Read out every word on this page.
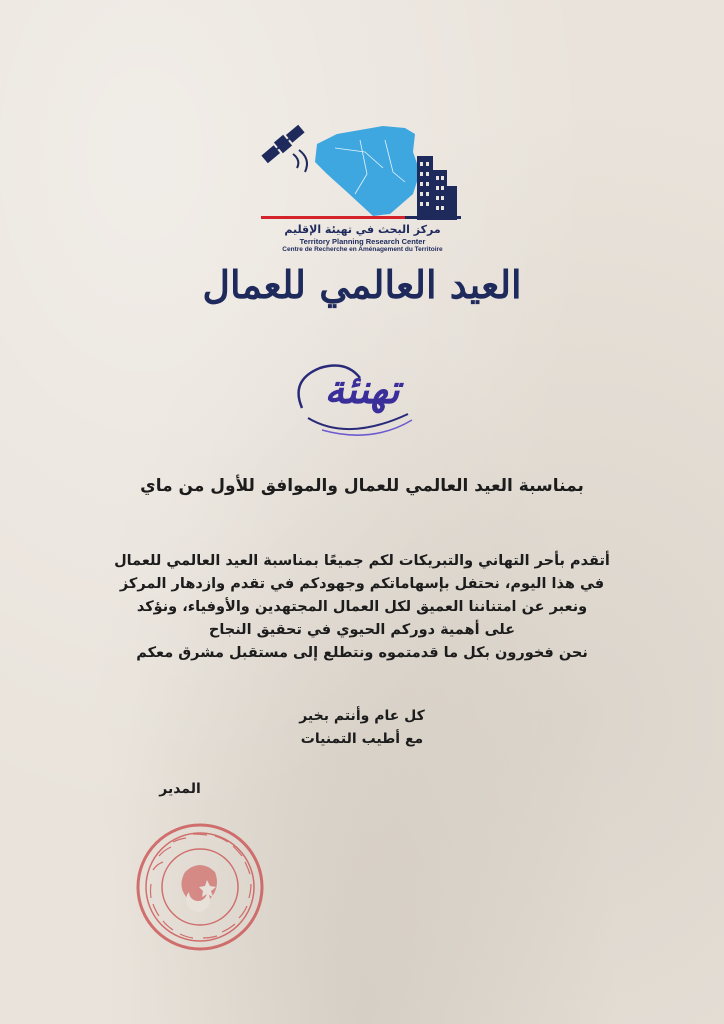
مركز البحث في تهيئة الإقليم
Territory Planning Research Center
Centre de Recherche en Aménagement du Territoire
العيد العالمي للعمال
تهنئة
بمناسبة العيد العالمي للعمال والموافق للأول من ماي
أتقدم بأحر التهاني والتبريكات لكم جميعًا بمناسبة العيد العالمي للعمال
في هذا اليوم، نحتفل بإسهاماتكم وجهودكم في تقدم وازدهار المركز
ونعبر عن امتناننا العميق لكل العمال المجتهدين والأوفياء، ونؤكد
على أهمية دوركم الحيوي في تحقيق النجاح
نحن فخورون بكل ما قدمتموه ونتطلع إلى مستقبل مشرق معكم
كل عام وأنتم بخير
مع أطيب التمنيات
المدير
